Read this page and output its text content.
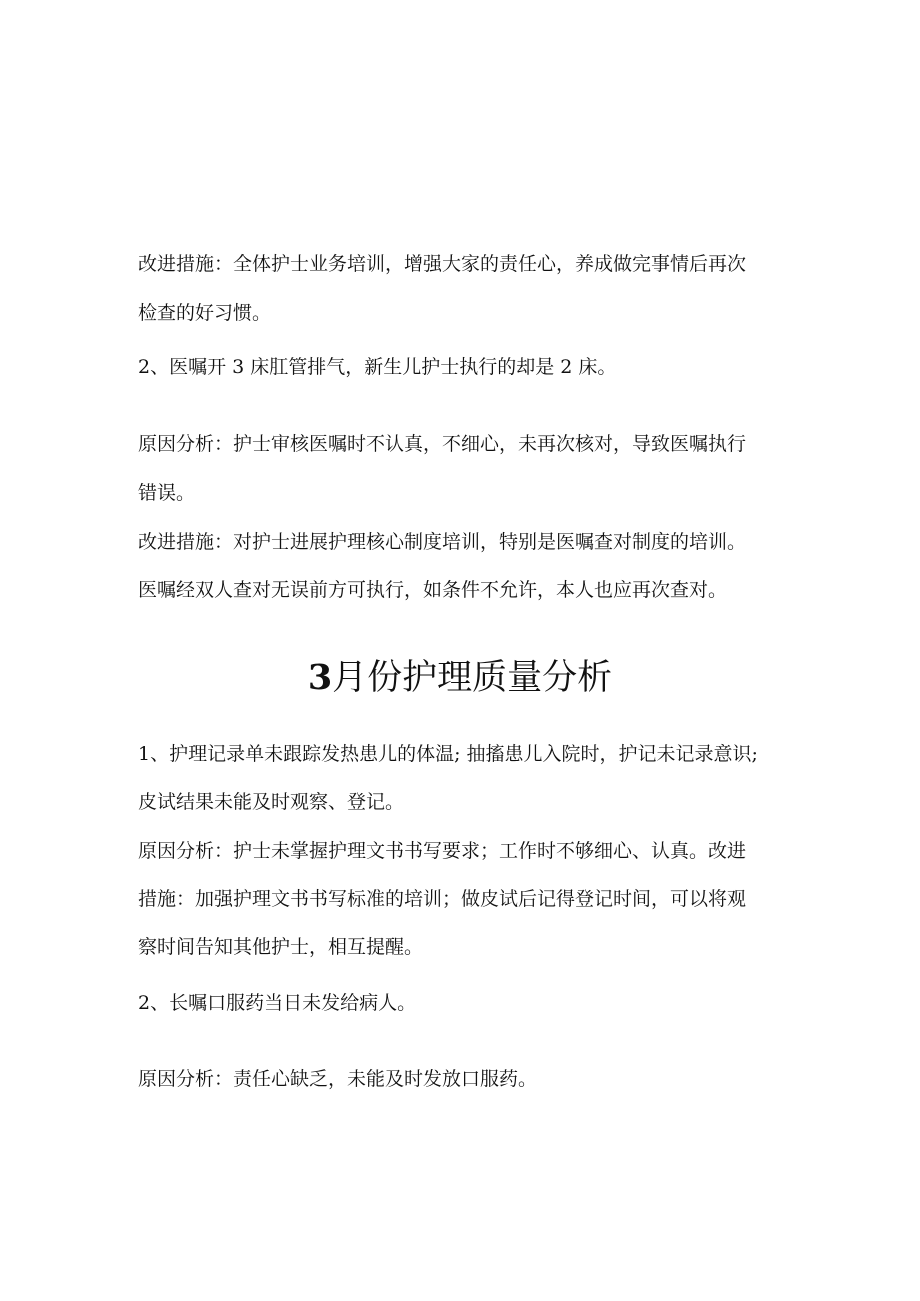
改进措施：全体护士业务培训，增强大家的责任心，养成做完事情后再次
检查的好习惯。
2、医嘱开 3 床肛管排气，新生儿护士执行的却是 2 床。
原因分析：护士审核医嘱时不认真，不细心，未再次核对，导致医嘱执行
错误。
改进措施：对护士进展护理核心制度培训，特别是医嘱查对制度的培训。
医嘱经双人查对无误前方可执行，如条件不允许，本人也应再次查对。
3月份护理质量分析
1、护理记录单未跟踪发热患儿的体温; 抽搐患儿入院时，护记未记录意识;
皮试结果未能及时观察、登记。
原因分析：护士未掌握护理文书书写要求；工作时不够细心、认真。改进
措施：加强护理文书书写标准的培训；做皮试后记得登记时间，可以将观
察时间告知其他护士，相互提醒。
2、长嘱口服药当日未发给病人。
原因分析：责任心缺乏，未能及时发放口服药。
